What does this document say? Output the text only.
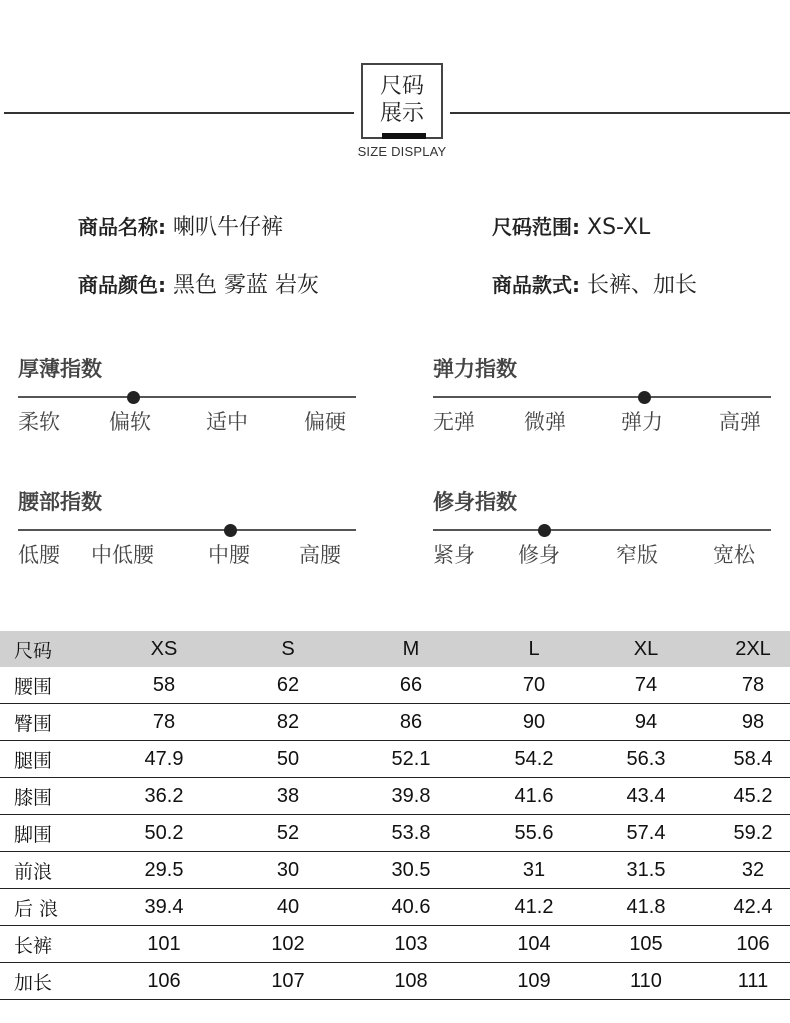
尺码
展示
SIZE DISPLAY
商品名称: 喇叭牛仔裤	尺码范围: XS-XL
商品颜色: 黑色 雾蓝 岩灰	商品款式: 长裤、加长
厚薄指数
柔软 偏软	适中	偏硬
弹力指数
无弹 微弹	弹力	高弹
腰部指数
低腰 中低腰	中腰 高腰
修身指数
紧身 修身	窄版	宽松
尺码	XS	S	M	L	XL	2XL
腰围	58	62	66	70	74	78
臀围	78	82	86	90	94	98
腿围	47.9	50	52.1	54.2	56.3	58.4
膝围	36.2	38	39.8	41.6	43.4	45.2
脚围	50.2	52	53.8	55.6	57.4	59.2
前浪	29.5	30	30.5	31	31.5	32
后 浪	39.4	40	40.6	41.2	41.8	42.4
长裤	101	102	103	104	105	106
加长	106	107	108	109	110	111
